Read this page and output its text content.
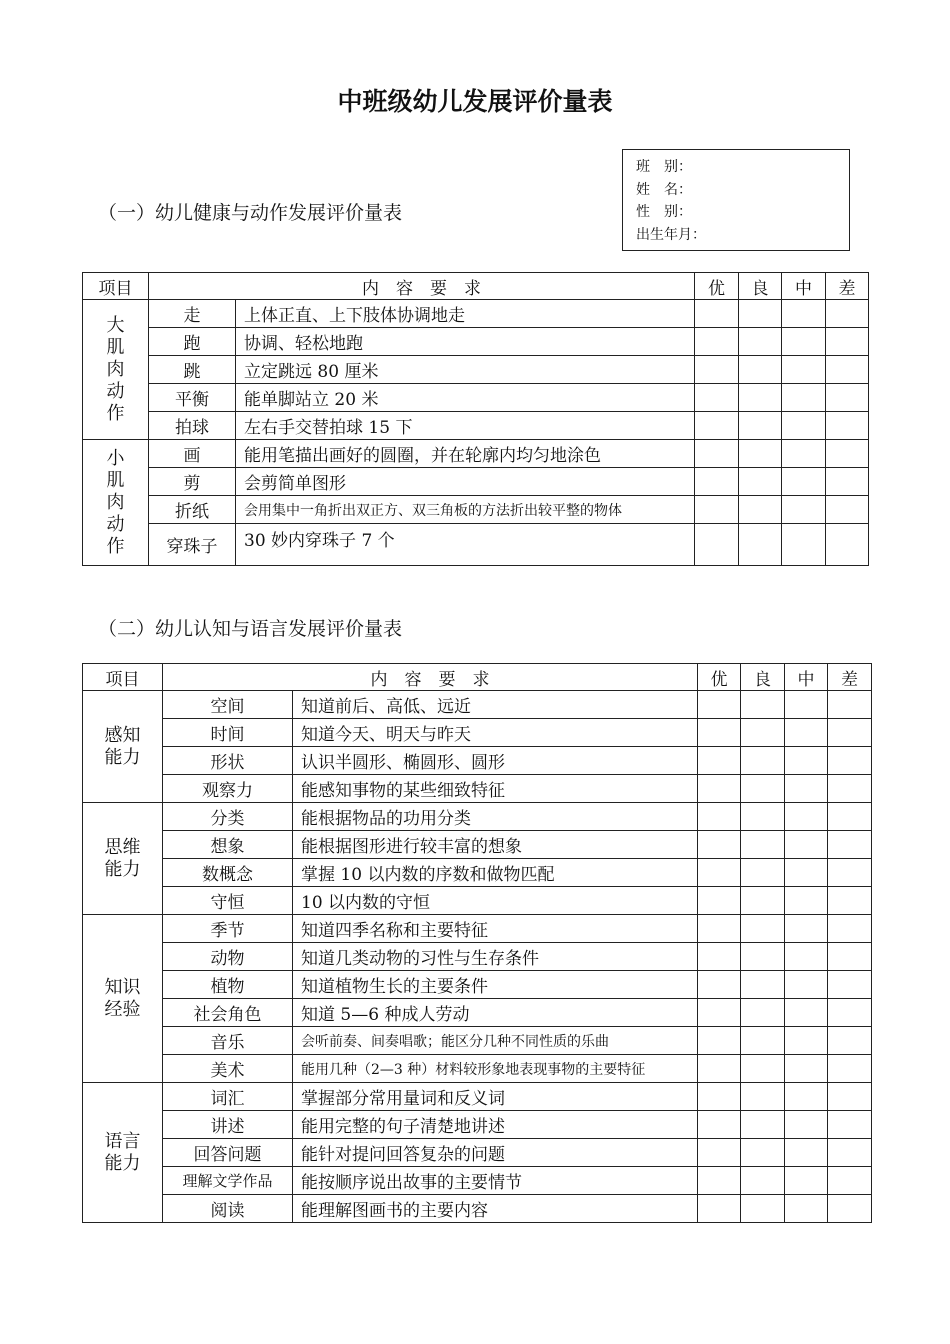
中班级幼儿发展评价量表
班　别：
姓　名：
性　别：
出生年月：
（一）幼儿健康与动作发展评价量表
项目	内　容　要　求		优	良	中	差
大肌肉动作	走	上体正直、上下肢体协调地走				
	跑	协调、轻松地跑				
	跳	立定跳远 80 厘米				
	平衡	能单脚站立 20 米				
	拍球	左右手交替拍球 15 下				
小肌肉动作	画	能用笔描出画好的圆圈，并在轮廓内均匀地涂色				
	剪	会剪简单图形				
	折纸	会用集中一角折出双正方、双三角板的方法折出较平整的物体				
	穿珠子	30 妙内穿珠子 7 个				
（二）幼儿认知与语言发展评价量表
项目	内　容　要　求		优	良	中	差
感知能力	空间	知道前后、高低、远近				
	时间	知道今天、明天与昨天				
	形状	认识半圆形、椭圆形、圆形				
	观察力	能感知事物的某些细致特征				
思维能力	分类	能根据物品的功用分类				
	想象	能根据图形进行较丰富的想象				
	数概念	掌握 10 以内数的序数和做物匹配				
	守恒	10 以内数的守恒				
知识经验	季节	知道四季名称和主要特征				
	动物	知道几类动物的习性与生存条件				
	植物	知道植物生长的主要条件				
	社会角色	知道 5—6 种成人劳动				
	音乐	会听前奏、间奏唱歌；能区分几种不同性质的乐曲				
	美术	能用几种（2—3 种）材料较形象地表现事物的主要特征				
语言能力	词汇	掌握部分常用量词和反义词				
	讲述	能用完整的句子清楚地讲述				
	回答问题	能针对提问回答复杂的问题				
	理解文学作品	能按顺序说出故事的主要情节				
	阅读	能理解图画书的主要内容				
